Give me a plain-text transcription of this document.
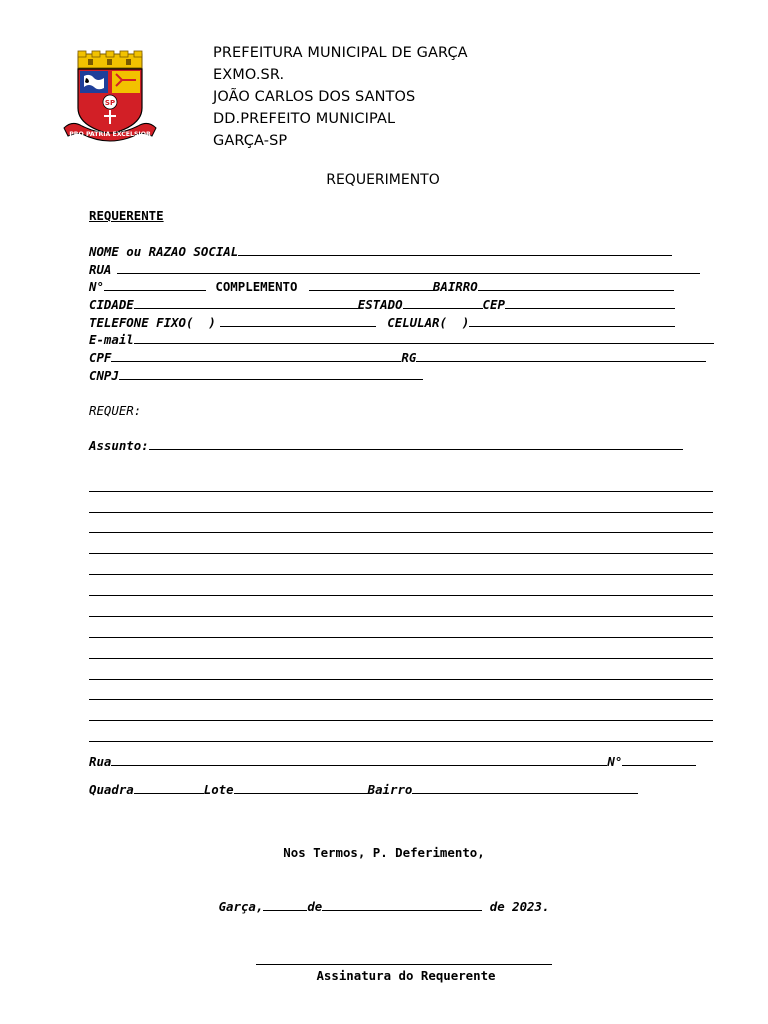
SP
PRO PATRIA EXCELSIOR
PREFEITURA MUNICIPAL DE GARÇA
EXMO.SR.
JOÃO CARLOS DOS SANTOS
DD.PREFEITO MUNICIPAL
GARÇA-SP
REQUERIMENTO
REQUERENTE
NOME ou RAZAO SOCIAL
RUA
N°	COMPLEMENTO	BAIRRO
CIDADE	ESTADO	CEP
TELEFONE FIXO(  )	CELULAR(  )
E-mail
CPF	RG
CNPJ
REQUER:
Assunto:
Rua	N°
Quadra	Lote	Bairro
Nos Termos, P. Deferimento,
Garça,	de	de 2023.
Assinatura do Requerente
